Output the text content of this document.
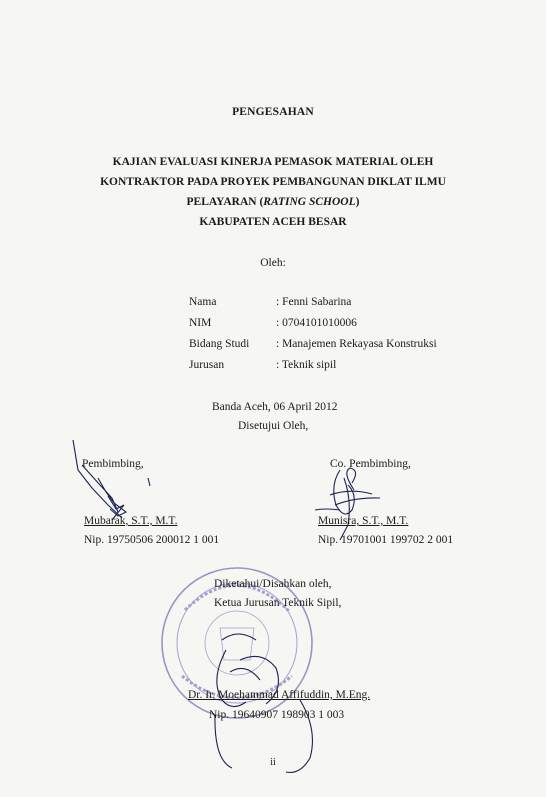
PENGESAHAN
KAJIAN EVALUASI KINERJA PEMASOK MATERIAL OLEH
KONTRAKTOR PADA PROYEK PEMBANGUNAN DIKLAT ILMU
PELAYARAN (RATING SCHOOL)
KABUPATEN ACEH BESAR
Oleh:
Nama	: Fenni Sabarina
NIM	: 0704101010006
Bidang Studi : Manajemen Rekayasa Konstruksi
Jurusan	: Teknik sipil
Banda Aceh, 06 April 2012
Disetujui Oleh,
Pembimbing,
Mubarak, S.T., M.T.
Nip. 19750506 200012 1 001
Co. Pembimbing,
Munisra, S.T., M.T.
Nip. 19701001 199702 2 001
Diketahui/Disahkan oleh,
Ketua Jurusan Teknik Sipil,
Dr. Ir. Moehammad Affifuddin, M.Eng.
Nip. 19640907 198903 1 003
ii
